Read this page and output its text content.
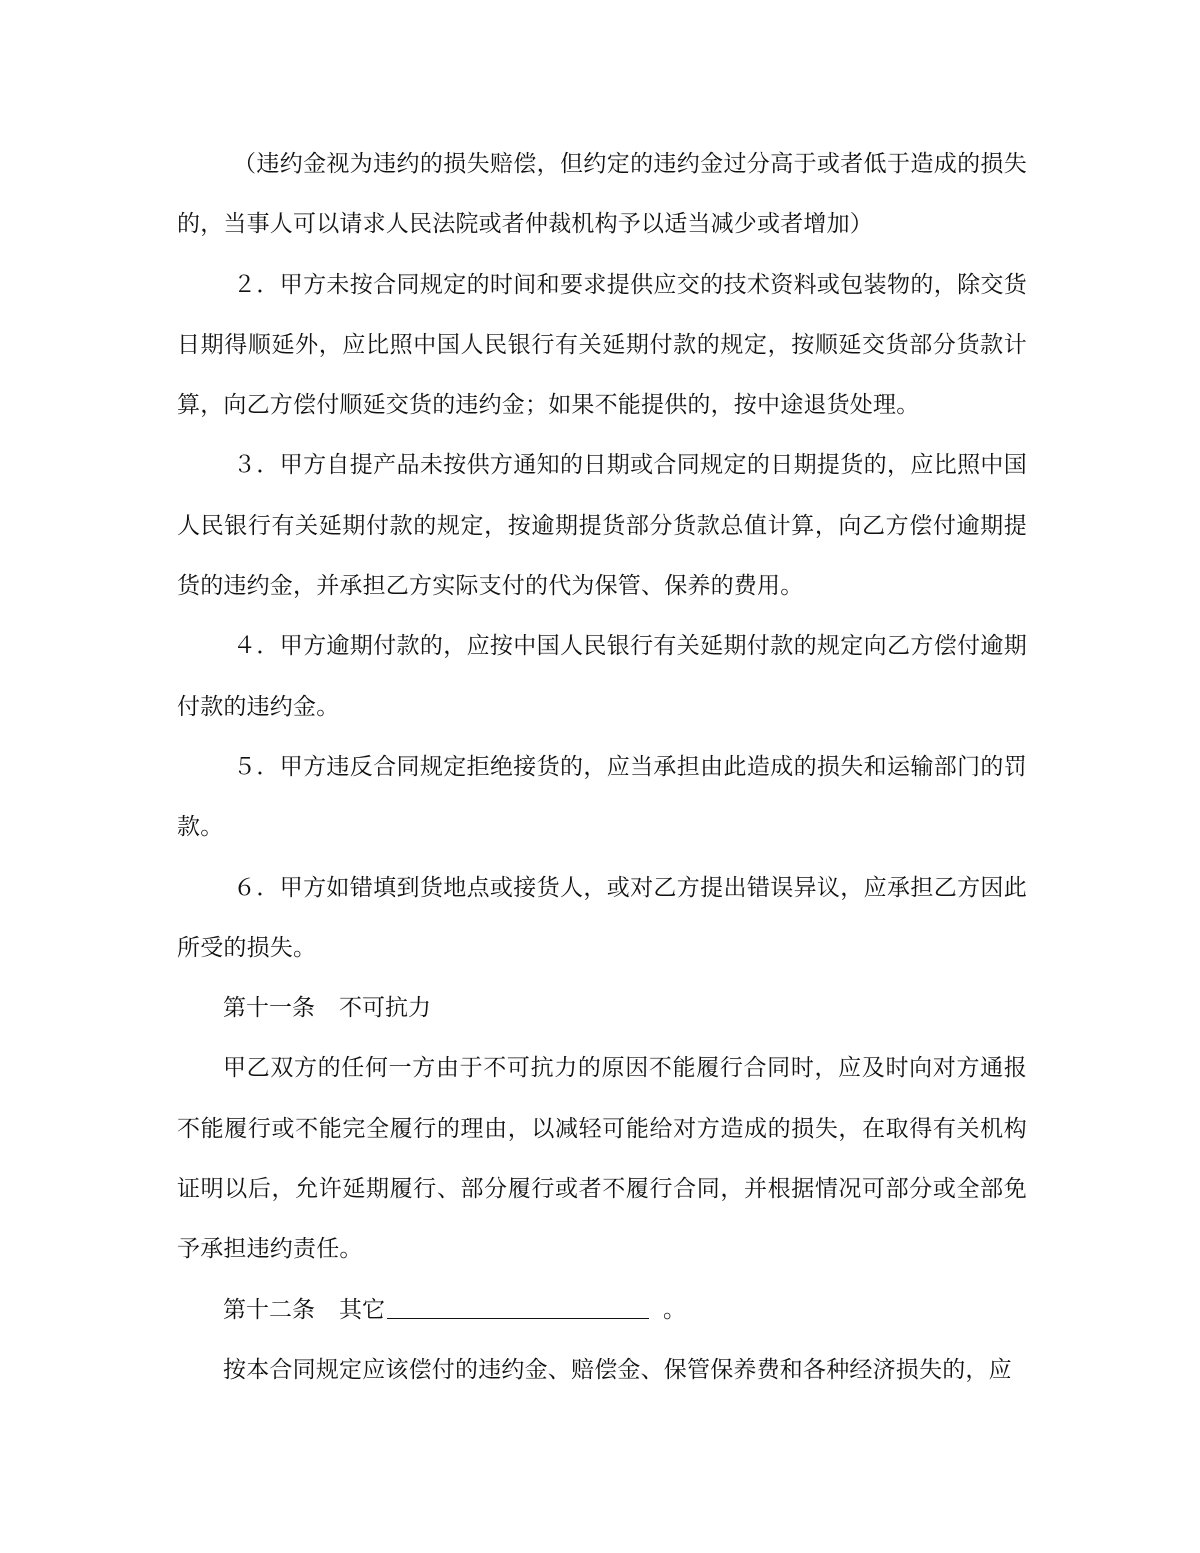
（违约金视为违约的损失赔偿，但约定的违约金过分高于或者低于造成的损失的，当事人可以请求人民法院或者仲裁机构予以适当减少或者增加）

２．甲方未按合同规定的时间和要求提供应交的技术资料或包装物的，除交货日期得顺延外，应比照中国人民银行有关延期付款的规定，按顺延交货部分货款计算，向乙方偿付顺延交货的违约金；如果不能提供的，按中途退货处理。

３．甲方自提产品未按供方通知的日期或合同规定的日期提货的，应比照中国人民银行有关延期付款的规定，按逾期提货部分货款总值计算，向乙方偿付逾期提货的违约金，并承担乙方实际支付的代为保管、保养的费用。

４．甲方逾期付款的，应按中国人民银行有关延期付款的规定向乙方偿付逾期付款的违约金。

５．甲方违反合同规定拒绝接货的，应当承担由此造成的损失和运输部门的罚款。

６．甲方如错填到货地点或接货人，或对乙方提出错误异议，应承担乙方因此所受的损失。

第十一条 不可抗力

甲乙双方的任何一方由于不可抗力的原因不能履行合同时，应及时向对方通报不能履行或不能完全履行的理由，以减轻可能给对方造成的损失，在取得有关机构证明以后，允许延期履行、部分履行或者不履行合同，并根据情况可部分或全部免予承担违约责任。

第十二条 其它	。

按本合同规定应该偿付的违约金、赔偿金、保管保养费和各种经济损失的，应
